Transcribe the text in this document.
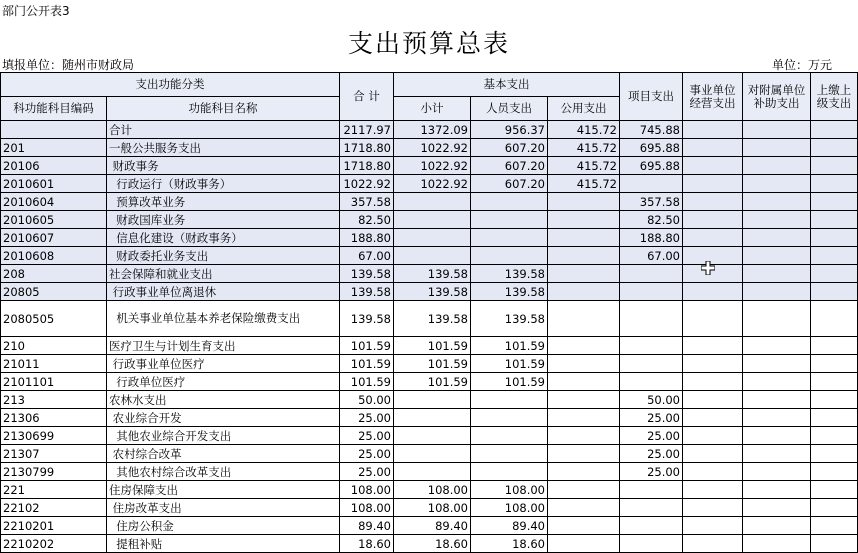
部门公开表3
支出预算总表
填报单位：随州市财政局	单位：万元
支出功能分类		合 计	基本支出			项目支出	事业单位经营支出	对附属单位补助支出	上缴上级支出
科功能科目编码	功能科目名称		小计	人员支出	公用支出				
	合计	2117.97	1372.09	956.37	415.72	745.88			
201	一般公共服务支出	1718.80	1022.92	607.20	415.72	695.88			
20106	财政事务	1718.80	1022.92	607.20	415.72	695.88			
2010601	行政运行（财政事务）	1022.92	1022.92	607.20	415.72				
2010604	预算改革业务	357.58				357.58			
2010605	财政国库业务	82.50				82.50			
2010607	信息化建设（财政事务）	188.80				188.80			
2010608	财政委托业务支出	67.00				67.00			
208	社会保障和就业支出	139.58	139.58	139.58					
20805	行政事业单位离退休	139.58	139.58	139.58					
2080505	机关事业单位基本养老保险缴费支出	139.58	139.58	139.58					
210	医疗卫生与计划生育支出	101.59	101.59	101.59					
21011	行政事业单位医疗	101.59	101.59	101.59					
2101101	行政单位医疗	101.59	101.59	101.59					
213	农林水支出	50.00				50.00			
21306	农业综合开发	25.00				25.00			
2130699	其他农业综合开发支出	25.00				25.00			
21307	农村综合改革	25.00				25.00			
2130799	其他农村综合改革支出	25.00				25.00			
221	住房保障支出	108.00	108.00	108.00					
22102	住房改革支出	108.00	108.00	108.00					
2210201	住房公积金	89.40	89.40	89.40					
2210202	提租补贴	18.60	18.60	18.60					
